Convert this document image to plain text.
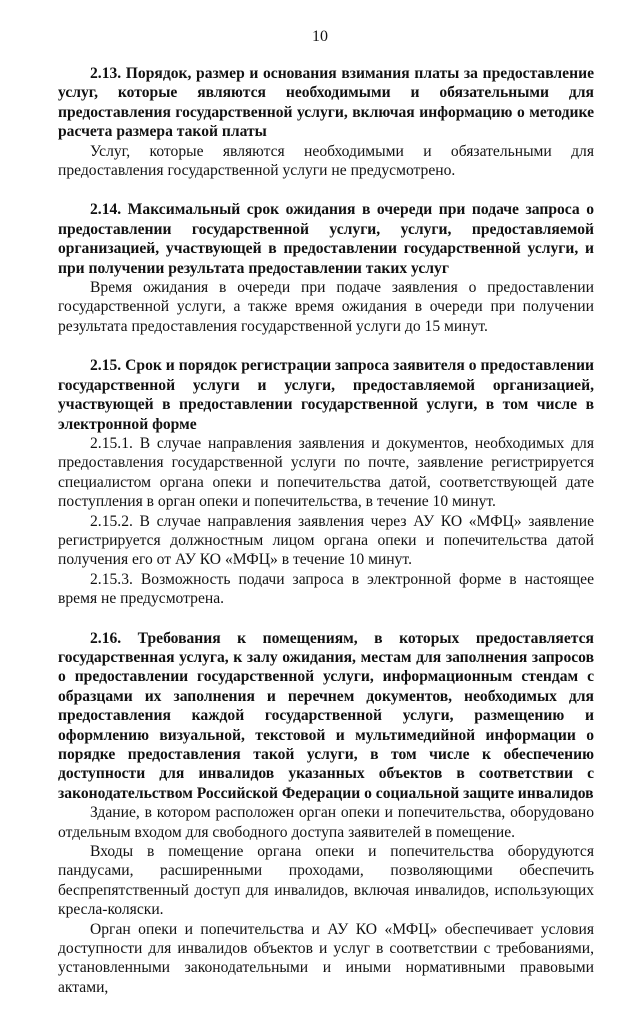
10

2.13. Порядок, размер и основания взимания платы за предоставление услуг, которые являются необходимыми и обязательными для предоставления государственной услуги, включая информацию о методике расчета размера такой платы

Услуг, которые являются необходимыми и обязательными для предоставления государственной услуги не предусмотрено.

2.14. Максимальный срок ожидания в очереди при подаче запроса о предоставлении государственной услуги, услуги, предоставляемой организацией, участвующей в предоставлении государственной услуги, и при получении результата предоставлении таких услуг

Время ожидания в очереди при подаче заявления о предоставлении государственной услуги, а также время ожидания в очереди при получении результата предоставления государственной услуги до 15 минут.

2.15. Срок и порядок регистрации запроса заявителя о предоставлении государственной услуги и услуги, предоставляемой организацией, участвующей в предоставлении государственной услуги, в том числе в электронной форме

2.15.1. В случае направления заявления и документов, необходимых для предоставления государственной услуги по почте, заявление регистрируется специалистом органа опеки и попечительства датой, соответствующей дате поступления в орган опеки и попечительства, в течение 10 минут.

2.15.2. В случае направления заявления через АУ КО «МФЦ» заявление регистрируется должностным лицом органа опеки и попечительства датой получения его от АУ КО «МФЦ» в течение 10 минут.

2.15.3. Возможность подачи запроса в электронной форме в настоящее время не предусмотрена.

2.16. Требования к помещениям, в которых предоставляется государственная услуга, к залу ожидания, местам для заполнения запросов о предоставлении государственной услуги, информационным стендам с образцами их заполнения и перечнем документов, необходимых для предоставления каждой государственной услуги, размещению и оформлению визуальной, текстовой и мультимедийной информации о порядке предоставления такой услуги, в том числе к обеспечению доступности для инвалидов указанных объектов в соответствии с законодательством Российской Федерации о социальной защите инвалидов

Здание, в котором расположен орган опеки и попечительства, оборудовано отдельным входом для свободного доступа заявителей в помещение.

Входы в помещение органа опеки и попечительства оборудуются пандусами, расширенными проходами, позволяющими обеспечить беспрепятственный доступ для инвалидов, включая инвалидов, использующих кресла-коляски.

Орган опеки и попечительства и АУ КО «МФЦ» обеспечивает условия доступности для инвалидов объектов и услуг в соответствии с требованиями, установленными законодательными и иными нормативными правовыми актами,
